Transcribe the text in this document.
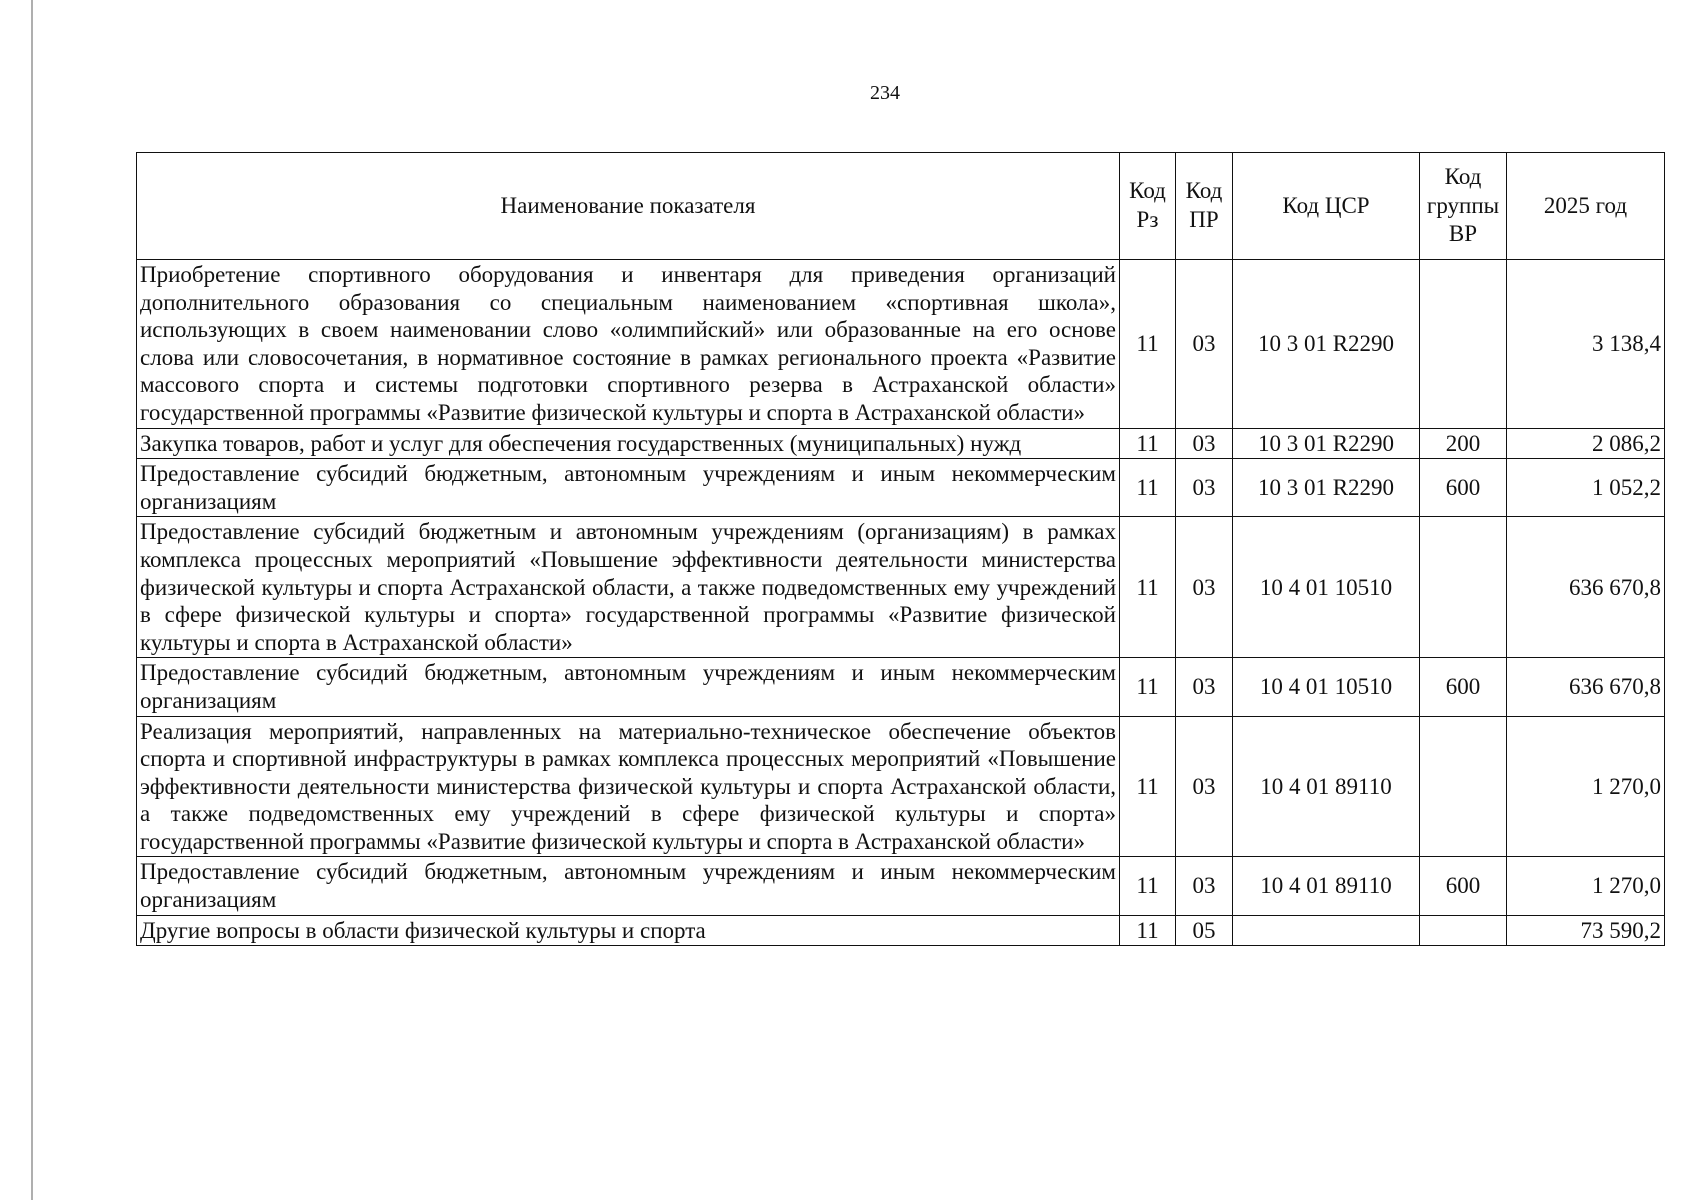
234
Наименование показателя	Код Рз	Код ПР	Код ЦСР	Код группы ВР	2025 год
Приобретение спортивного оборудования и инвентаря для приведения организаций дополнительного образования со специальным наименованием «спортивная школа», использующих в своем наименовании слово «олимпийский» или образованные на его основе слова или словосочетания, в нормативное состояние в рамках регионального проекта «Развитие массового спорта и системы подготовки спортивного резерва в Астраханской области» государственной программы «Развитие физической культуры и спорта в Астраханской области»	11	03	10 3 01 R2290		3 138,4
Закупка товаров, работ и услуг для обеспечения государственных (муниципальных) нужд	11	03	10 3 01 R2290	200	2 086,2
Предоставление субсидий бюджетным, автономным учреждениям и иным некоммерческим организациям	11	03	10 3 01 R2290	600	1 052,2
Предоставление субсидий бюджетным и автономным учреждениям (организациям) в рамках комплекса процессных мероприятий «Повышение эффективности деятельности министерства физической культуры и спорта Астраханской области, а также подведомственных ему учреждений в сфере физической культуры и спорта» государственной программы «Развитие физической культуры и спорта в Астраханской области»	11	03	10 4 01 10510		636 670,8
Предоставление субсидий бюджетным, автономным учреждениям и иным некоммерческим организациям	11	03	10 4 01 10510	600	636 670,8
Реализация мероприятий, направленных на материально-техническое обеспечение объектов спорта и спортивной инфраструктуры в рамках комплекса процессных мероприятий «Повышение эффективности деятельности министерства физической культуры и спорта Астраханской области, а также подведомственных ему учреждений в сфере физической культуры и спорта» государственной программы «Развитие физической культуры и спорта в Астраханской области»	11	03	10 4 01 89110		1 270,0
Предоставление субсидий бюджетным, автономным учреждениям и иным некоммерческим организациям	11	03	10 4 01 89110	600	1 270,0
Другие вопросы в области физической культуры и спорта	11	05			73 590,2
